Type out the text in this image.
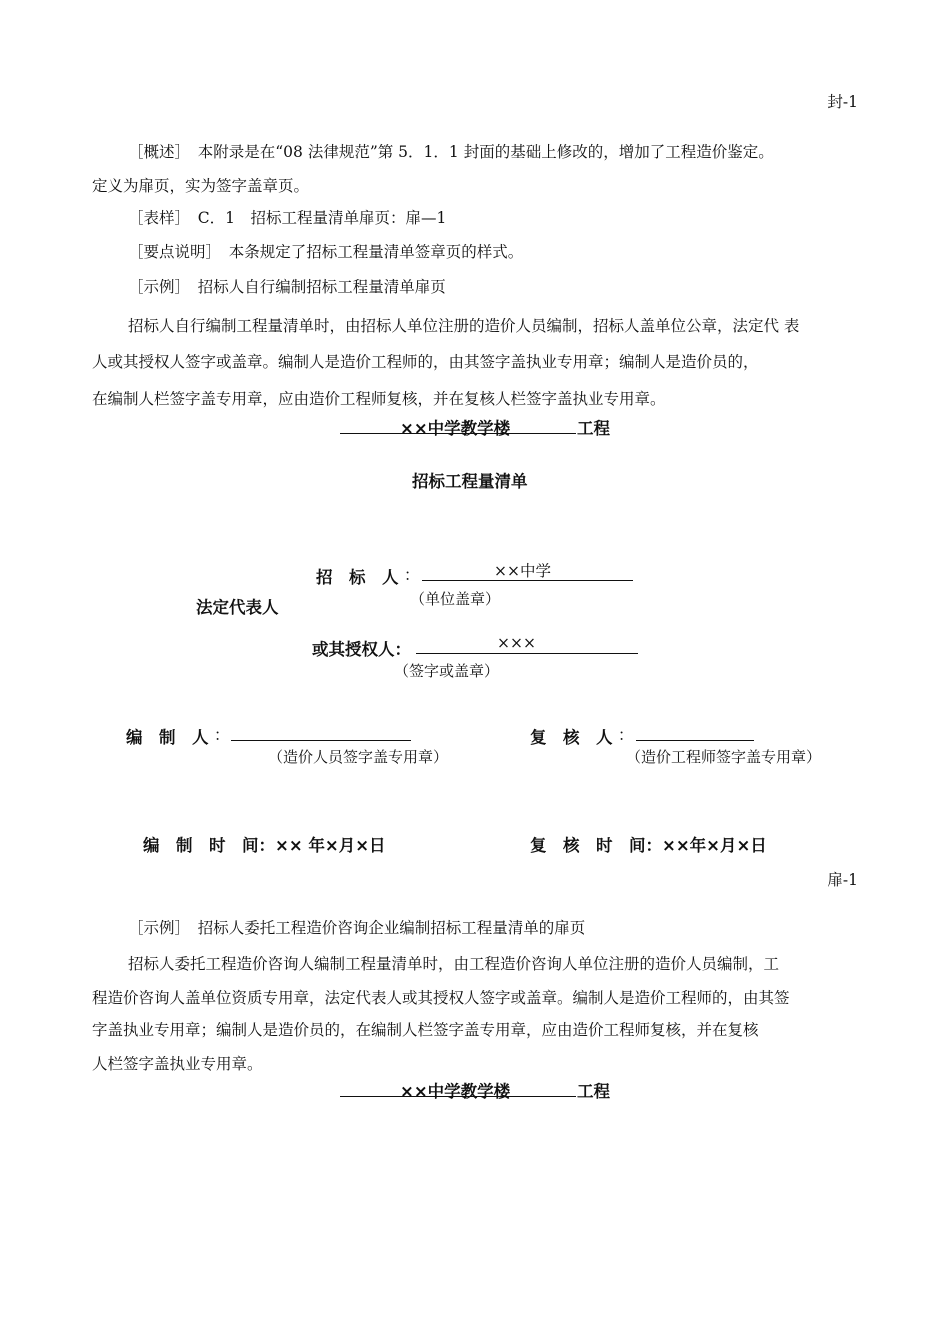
封-1
［概述］　本附录是在“08 法律规范”第 5．1．1 封面的基础上修改的，增加了工程造价鉴定。
定义为扉页，实为签字盖章页。
［表样］　C．1　招标工程量清单扉页：扉—1
［要点说明］　本条规定了招标工程量清单签章页的样式。
［示例］　招标人自行编制招标工程量清单扉页
招标人自行编制工程量清单时，由招标人单位注册的造价人员编制，招标人盖单位公章，法定代 表
人或其授权人签字或盖章。编制人是造价工程师的，由其签字盖执业专用章；编制人是造价员的，
在编制人栏签字盖专用章，应由造价工程师复核，并在复核人栏签字盖执业专用章。
××中学教学楼	工程
招标工程量清单
招　标　人 ：	××中学
（单位盖章）
法定代表人
或其授权人：	×××
（签字或盖章）
编　制　人 ：
（造价人员签字盖专用章）
复　核　人 ：
（造价工程师签字盖专用章）
编　制　时　间：×× 年×月×日	复　核　时　间：××年×月×日
扉-1
［示例］　招标人委托工程造价咨询企业编制招标工程量清单的扉页
招标人委托工程造价咨询人编制工程量清单时，由工程造价咨询人单位注册的造价人员编制，工
程造价咨询人盖单位资质专用章，法定代表人或其授权人签字或盖章。编制人是造价工程师的，由其签
字盖执业专用章；编制人是造价员的，在编制人栏签字盖专用章，应由造价工程师复核，并在复核
人栏签字盖执业专用章。
××中学教学楼	工程
